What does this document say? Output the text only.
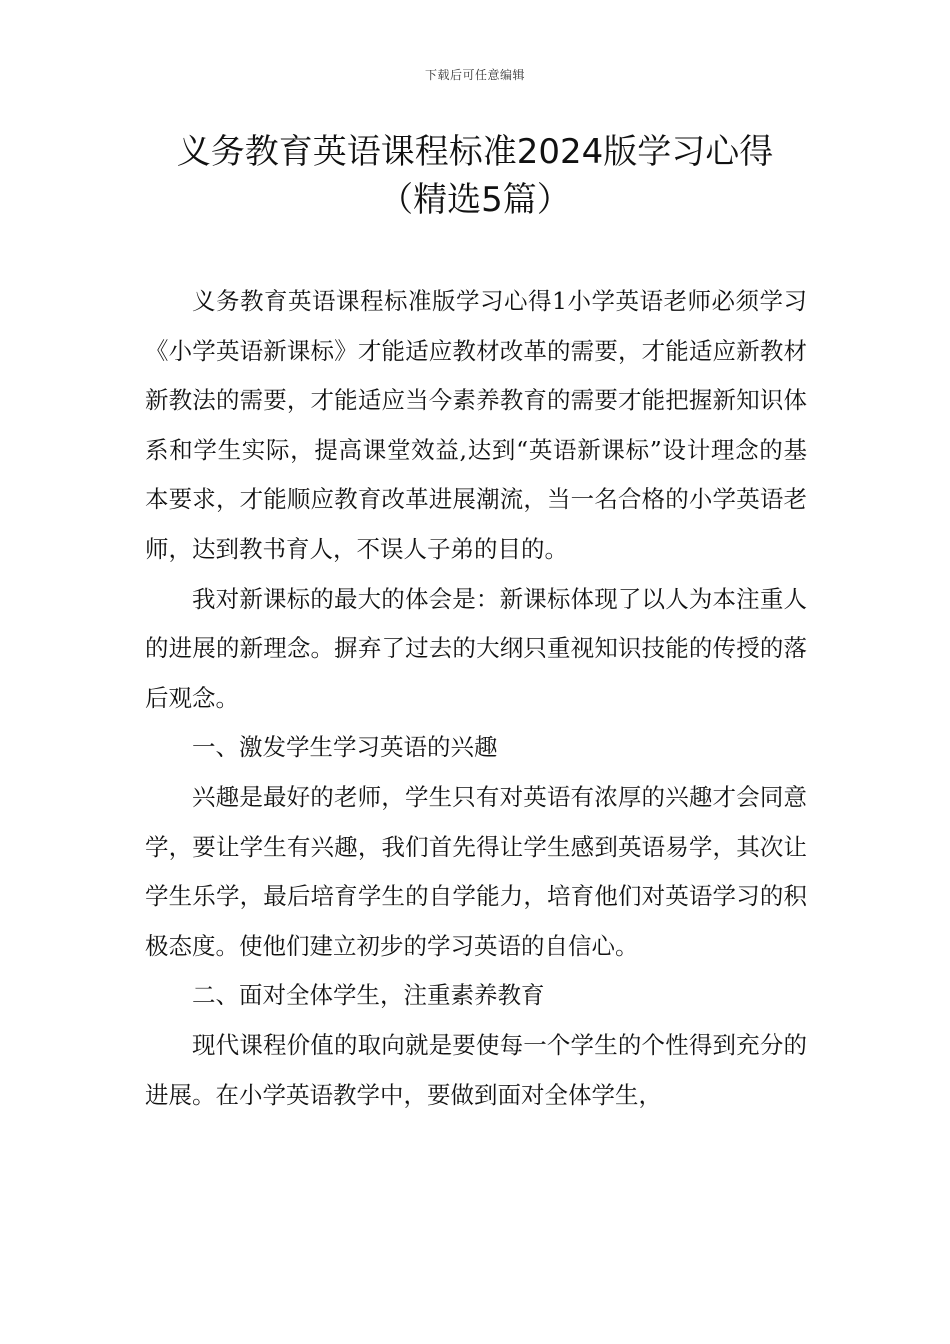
下载后可任意编辑
义务教育英语课程标准2024版学习心得
（精选5篇）

义务教育英语课程标准版学习心得1小学英语老师必须学习《小学英语新课标》才能适应教材改革的需要，才能适应新教材新教法的需要，才能适应当今素养教育的需要才能把握新知识体系和学生实际，提高课堂效益,达到“英语新课标”设计理念的基本要求，才能顺应教育改革进展潮流，当一名合格的小学英语老师，达到教书育人，不误人子弟的目的。

我对新课标的最大的体会是：新课标体现了以人为本注重人的进展的新理念。摒弃了过去的大纲只重视知识技能的传授的落后观念。

一、激发学生学习英语的兴趣

兴趣是最好的老师，学生只有对英语有浓厚的兴趣才会同意学，要让学生有兴趣，我们首先得让学生感到英语易学，其次让学生乐学，最后培育学生的自学能力，培育他们对英语学习的积极态度。使他们建立初步的学习英语的自信心。

二、面对全体学生，注重素养教育

现代课程价值的取向就是要使每一个学生的个性得到充分的进展。在小学英语教学中，要做到面对全体学生，
